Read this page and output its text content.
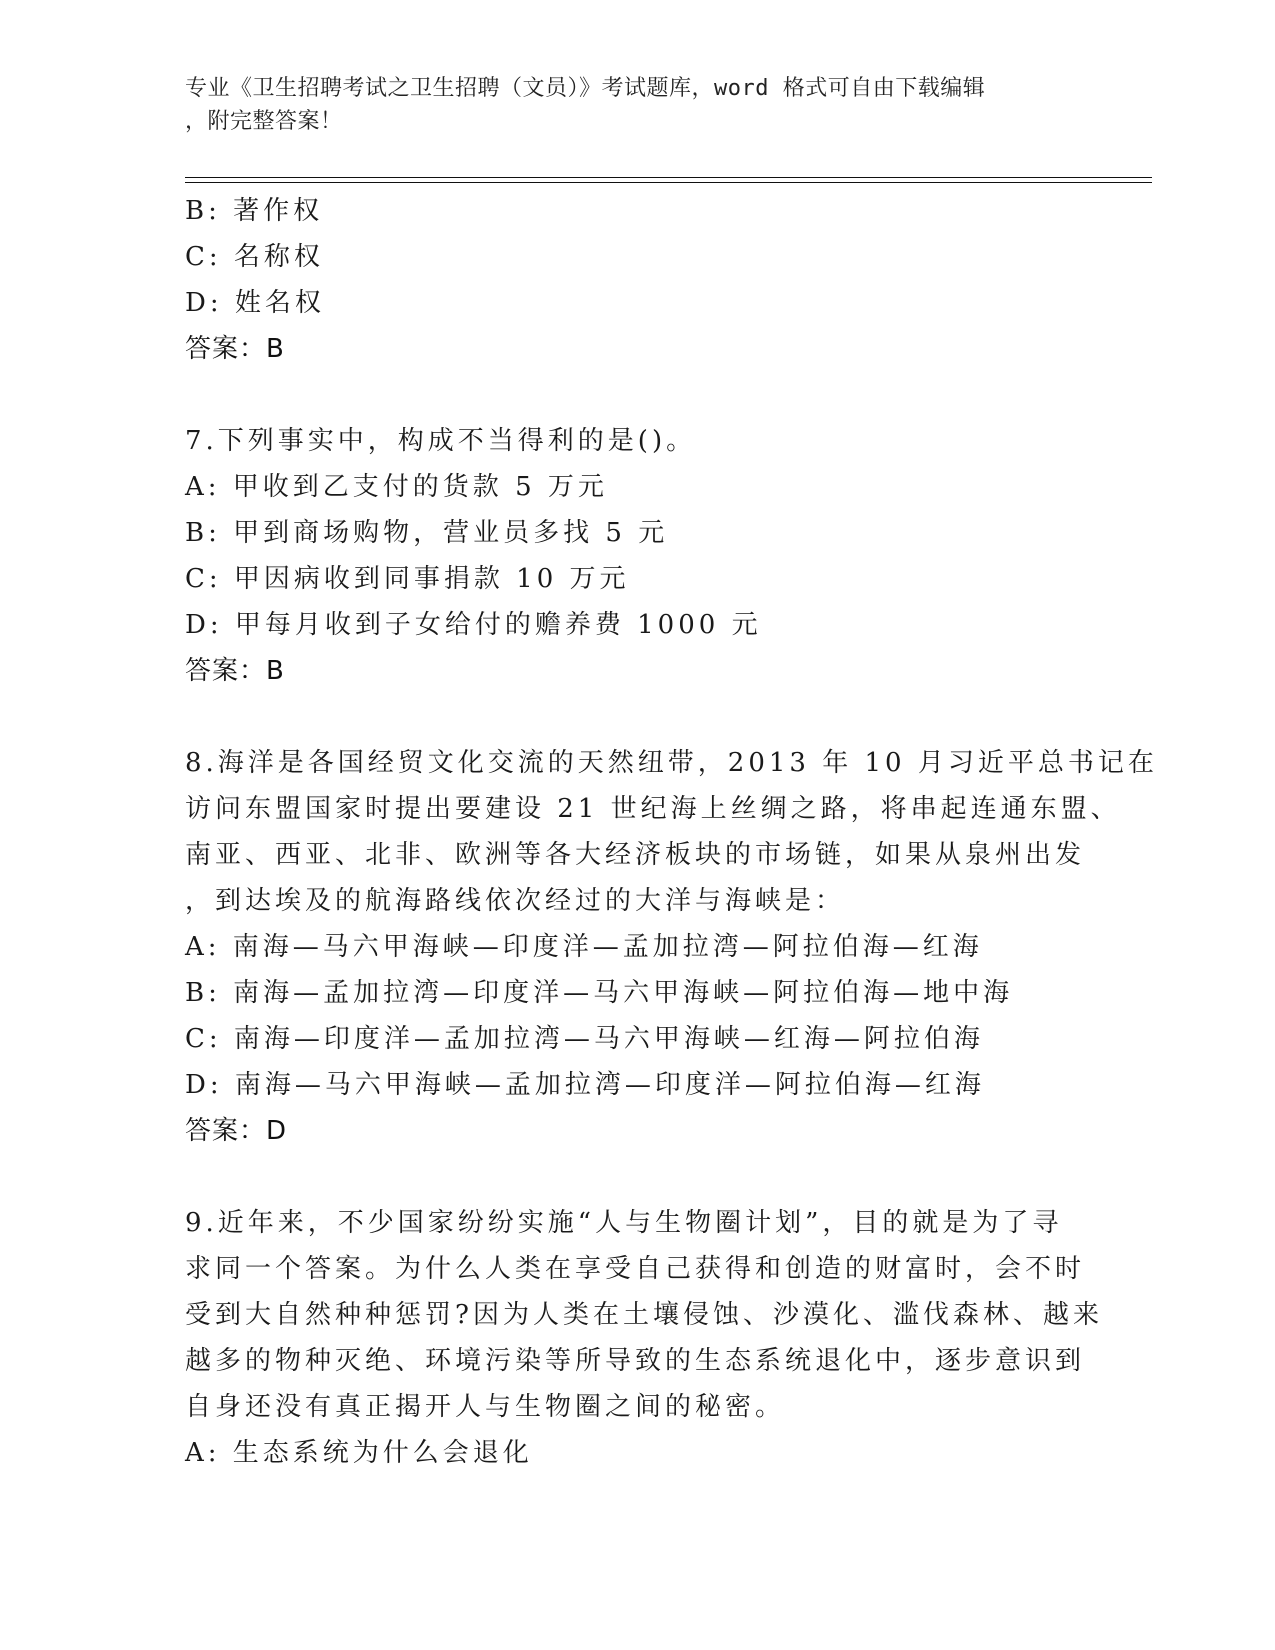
专业《卫生招聘考试之卫生招聘（文员）》考试题库，word 格式可自由下载编辑
，附完整答案！
B: 著作权
C: 名称权
D: 姓名权
答案：B
7.下列事实中，构成不当得利的是()。
A: 甲收到乙支付的货款 5 万元
B: 甲到商场购物，营业员多找 5 元
C: 甲因病收到同事捐款 10 万元
D: 甲每月收到子女给付的赡养费 1000 元
答案：B
8.海洋是各国经贸文化交流的天然纽带，2013 年 10 月习近平总书记在
访问东盟国家时提出要建设 21 世纪海上丝绸之路，将串起连通东盟、
南亚、西亚、北非、欧洲等各大经济板块的市场链，如果从泉州出发
，到达埃及的航海路线依次经过的大洋与海峡是：
A: 南海—马六甲海峡—印度洋—孟加拉湾—阿拉伯海—红海
B: 南海—孟加拉湾—印度洋—马六甲海峡—阿拉伯海—地中海
C: 南海—印度洋—孟加拉湾—马六甲海峡—红海—阿拉伯海
D: 南海—马六甲海峡—孟加拉湾—印度洋—阿拉伯海—红海
答案：D
9.近年来，不少国家纷纷实施“人与生物圈计划”，目的就是为了寻
求同一个答案。为什么人类在享受自己获得和创造的财富时，会不时
受到大自然种种惩罚?因为人类在土壤侵蚀、沙漠化、滥伐森林、越来
越多的物种灭绝、环境污染等所导致的生态系统退化中，逐步意识到
自身还没有真正揭开人与生物圈之间的秘密。
A: 生态系统为什么会退化
